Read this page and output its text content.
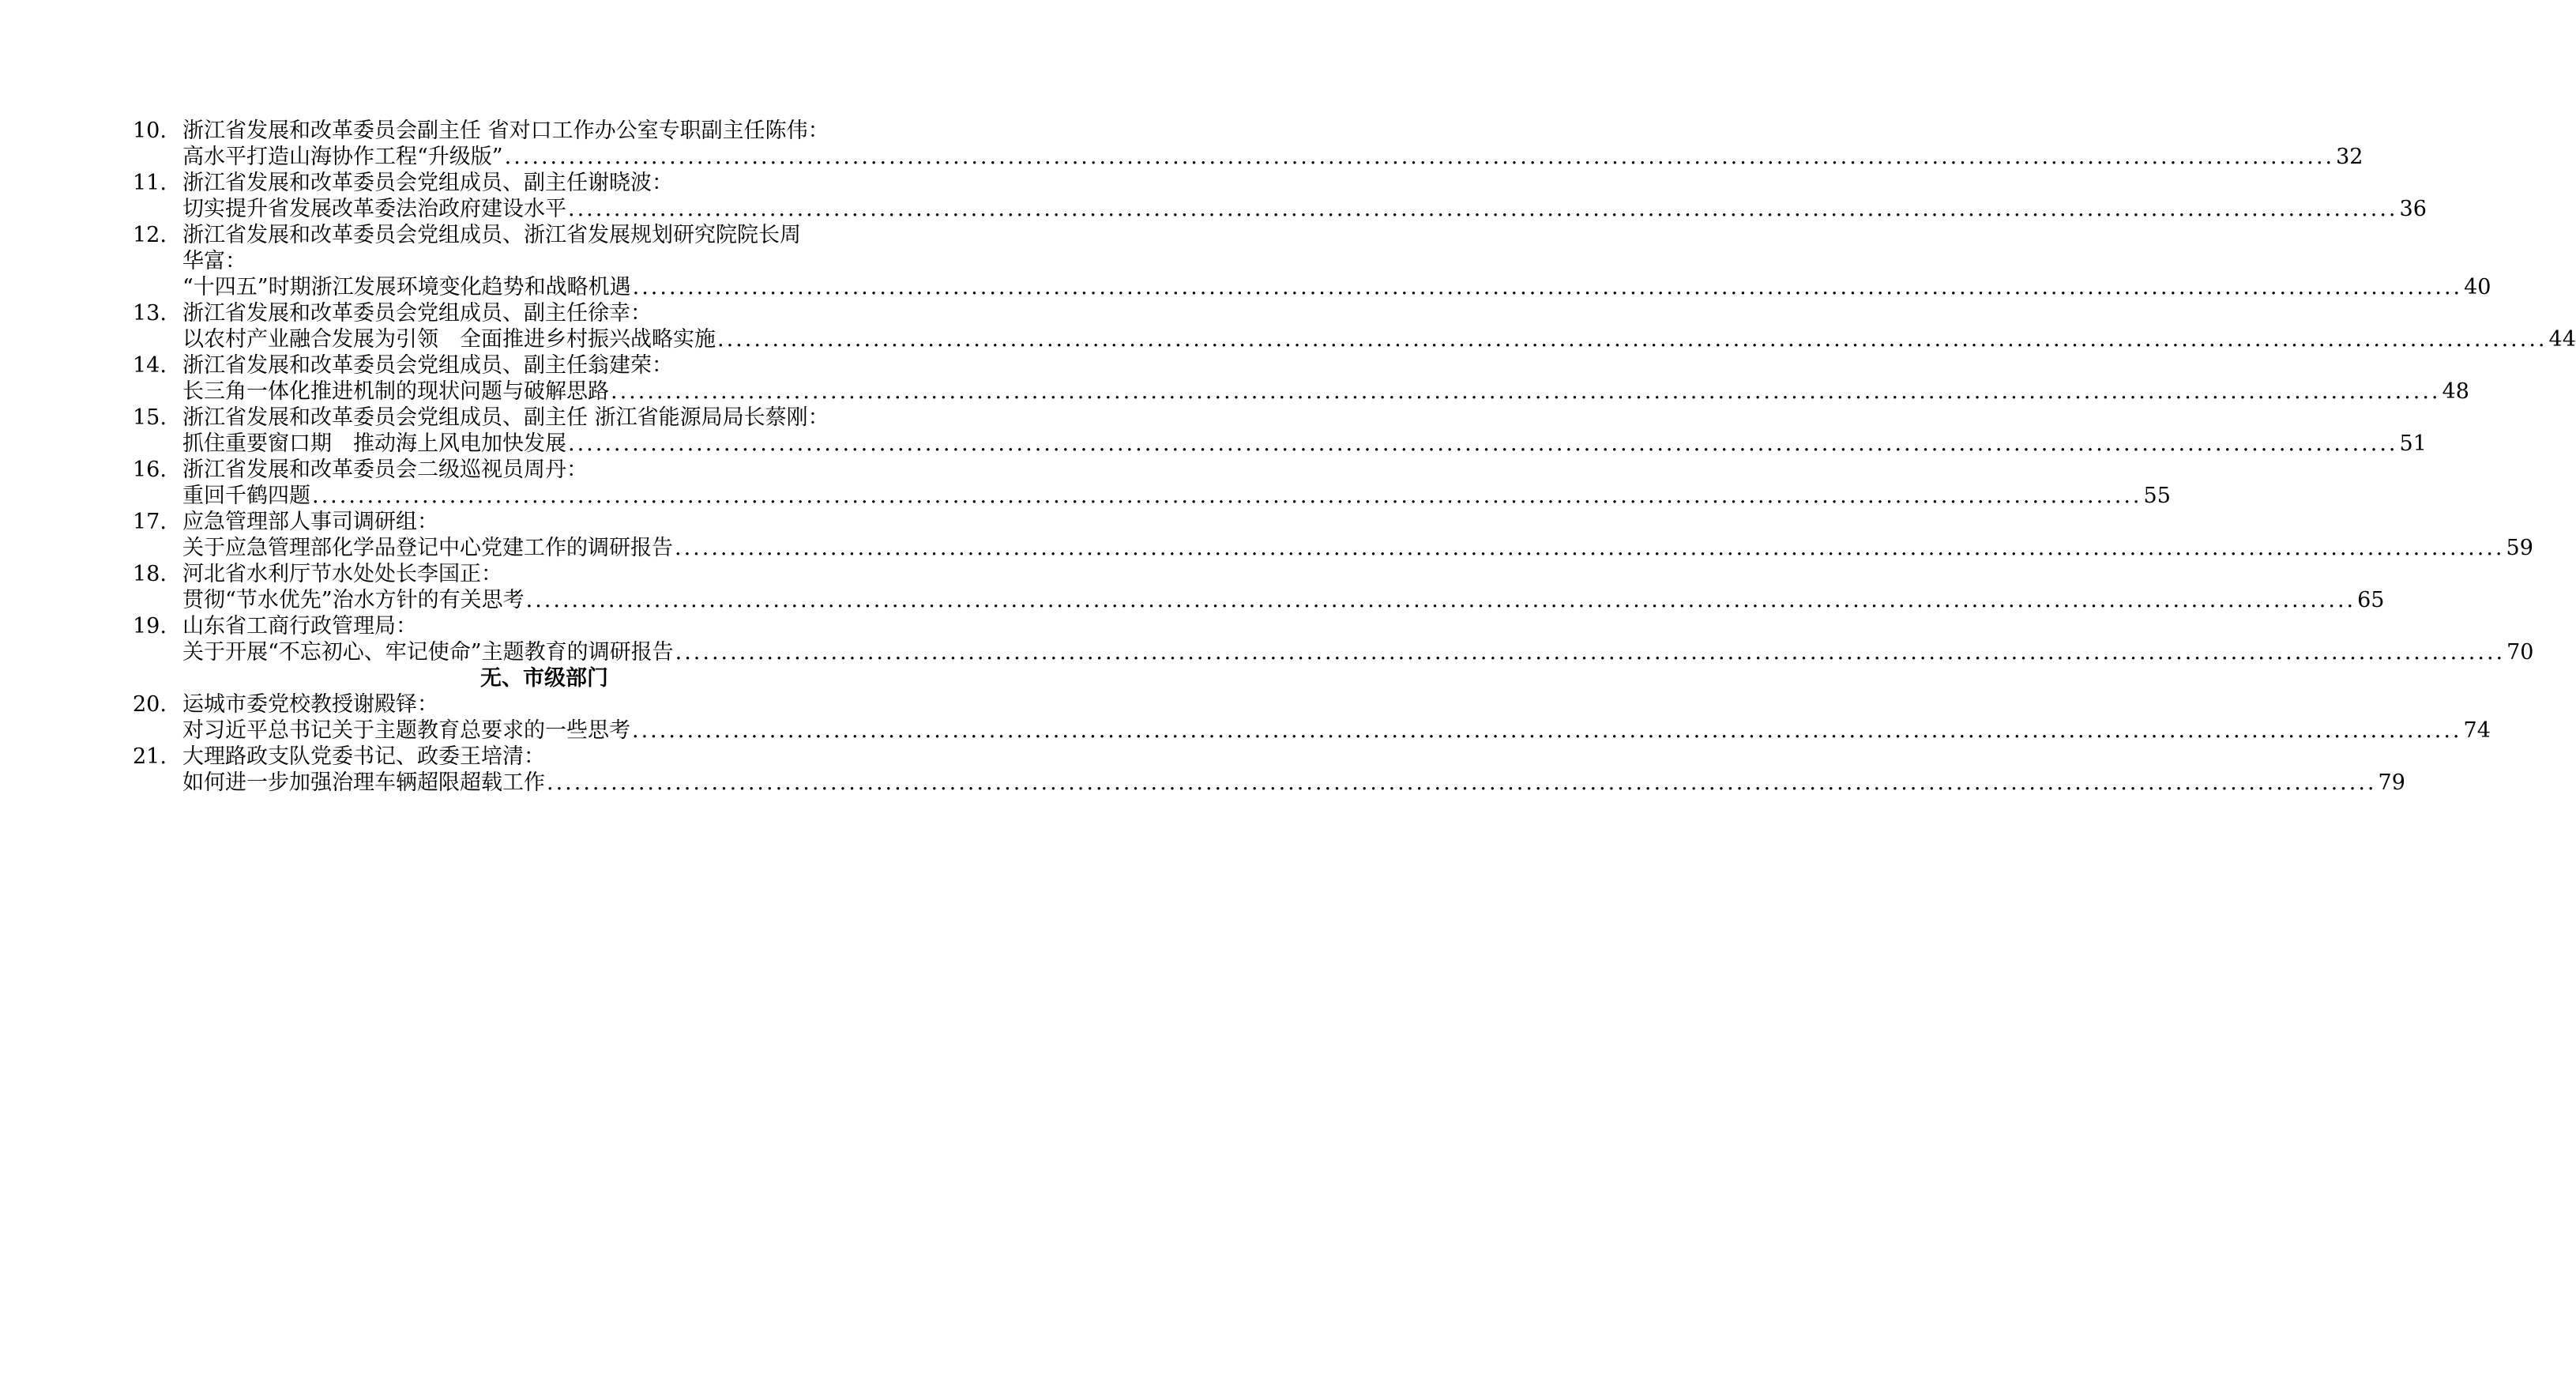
10. 浙江省发展和改革委员会副主任 省对口工作办公室专职副主任陈伟：
高水平打造山海协作工程“升级版” ........................................................................................................................................................................................................ 32
11. 浙江省发展和改革委员会党组成员、副主任谢晓波：
切实提升省发展改革委法治政府建设水平 ........................................................................................................................................................................................................ 36
12. 浙江省发展和改革委员会党组成员、浙江省发展规划研究院院长周
华富：
“十四五”时期浙江发展环境变化趋势和战略机遇 ........................................................................................................................................................................................................ 40
13. 浙江省发展和改革委员会党组成员、副主任徐幸：
以农村产业融合发展为引领　全面推进乡村振兴战略实施 ........................................................................................................................................................................................................ 44
14. 浙江省发展和改革委员会党组成员、副主任翁建荣：
长三角一体化推进机制的现状问题与破解思路 ........................................................................................................................................................................................................ 48
15. 浙江省发展和改革委员会党组成员、副主任 浙江省能源局局长蔡刚：
抓住重要窗口期　推动海上风电加快发展 ........................................................................................................................................................................................................ 51
16. 浙江省发展和改革委员会二级巡视员周丹：
重回千鹤四题 ........................................................................................................................................................................................................ 55
17. 应急管理部人事司调研组：
关于应急管理部化学品登记中心党建工作的调研报告 ........................................................................................................................................................................................................ 59
18. 河北省水利厅节水处处长李国正：
贯彻“节水优先”治水方针的有关思考 ........................................................................................................................................................................................................ 65
19. 山东省工商行政管理局：
关于开展“不忘初心、牢记使命”主题教育的调研报告 ........................................................................................................................................................................................................ 70
无、市级部门
20. 运城市委党校教授谢殿铎：
对习近平总书记关于主题教育总要求的一些思考 ........................................................................................................................................................................................................ 74
21. 大理路政支队党委书记、政委王培清：
如何进一步加强治理车辆超限超载工作 ........................................................................................................................................................................................................ 79
